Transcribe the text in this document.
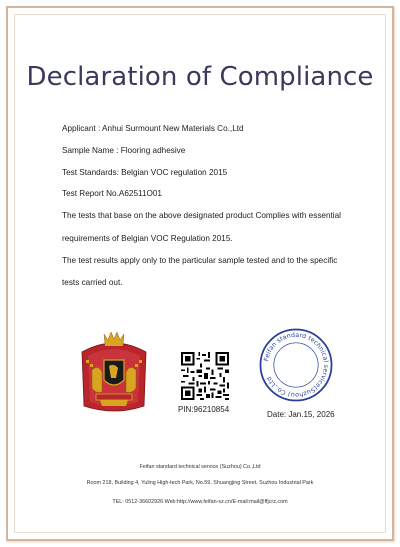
Declaration of Compliance
Applicant : Anhui Surmount New Materials Co.,Ltd
Sample Name : Flooring adhesive
Test Standards: Belgian VOC regulation 2015
Test Report No.A62511O01
The tests that base on the above designated product Complies with essential
requirements of Belgian VOC Regulation 2015.
The test results apply only to the particular sample tested and to the specific
tests carried out.
PIN:96210854
Feifan standard technical service(Suzhou) Co.,Ltd
Date: Jan.15, 2026
Feifan standard technical service (Suzhou) Co.,Ltd
Room 218, Building 4, Yuling High-tech Park, No.59, Shuangjing Street, Suzhou Industrial Park
TEL: 0512-36602926 Web:http://www.feifan-sz.cn/E-mail:mail@ffjcrz.com
